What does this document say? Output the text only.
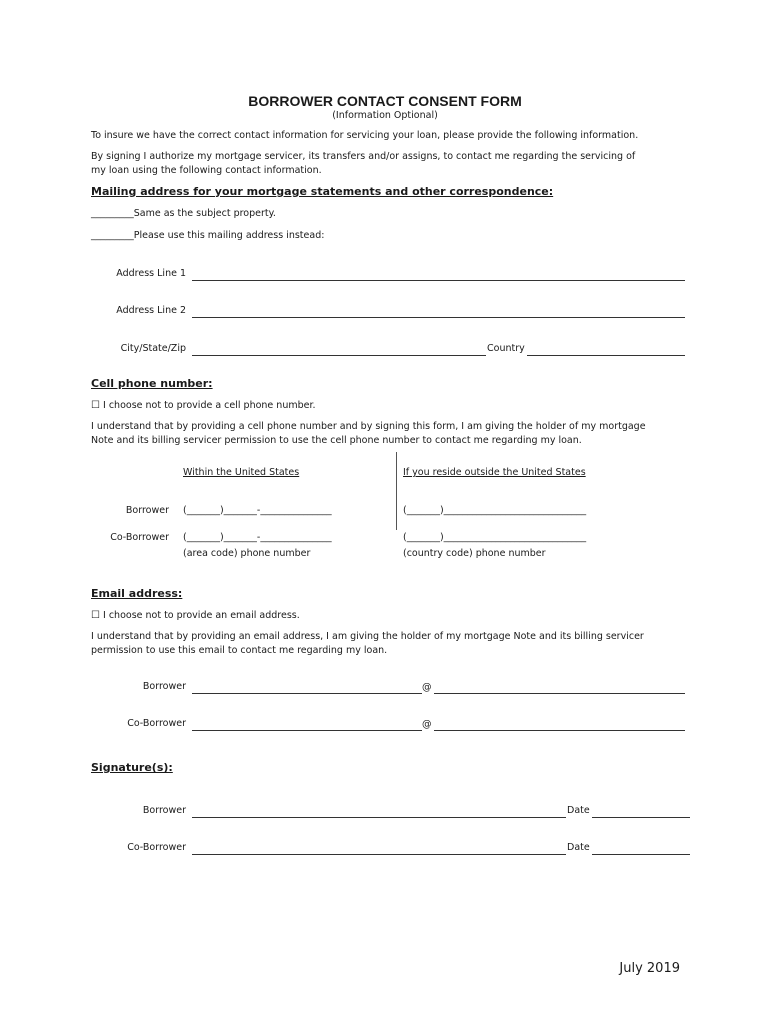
BORROWER CONTACT CONSENT FORM
(Information Optional)
To insure we have the correct contact information for servicing your loan, please provide the following information.
By signing I authorize my mortgage servicer, its transfers and/or assigns, to contact me regarding the servicing of
my loan using the following contact information.
Mailing address for your mortgage statements and other correspondence:
_________Same as the subject property.
_________Please use this mailing address instead:
Address Line 1
Address Line 2
City/State/Zip	Country
Cell phone number:
☐ I choose not to provide a cell phone number.
I understand that by providing a cell phone number and by signing this form, I am giving the holder of my mortgage
Note and its billing servicer permission to use the cell phone number to contact me regarding my loan.
Within the United States	If you reside outside the United States
Borrower (_______)_______-_______________	(_______)______________________________
Co-Borrower (_______)_______-_______________	(_______)______________________________
(area code) phone number	(country code) phone number
Email address:
☐ I choose not to provide an email address.
I understand that by providing an email address, I am giving the holder of my mortgage Note and its billing servicer
permission to use this email to contact me regarding my loan.
Borrower	@
Co-Borrower	@
Signature(s):
Borrower	Date
Co-Borrower	Date
July 2019
